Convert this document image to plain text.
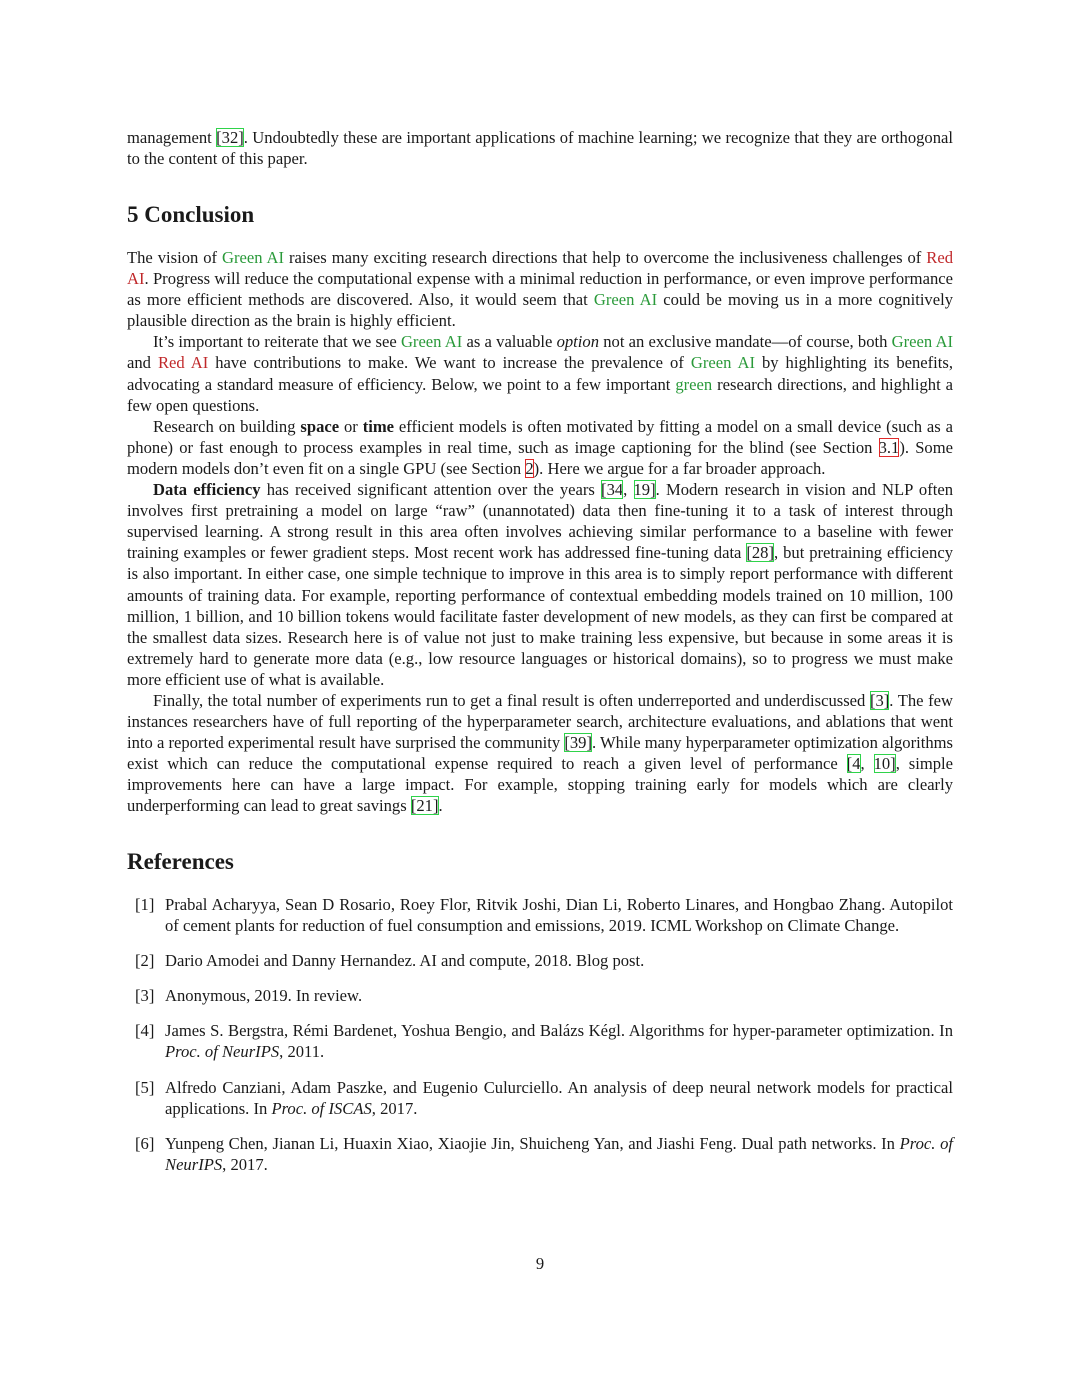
management [32]. Undoubtedly these are important applications of machine learning; we recognize that they are orthogonal to the content of this paper.

5 Conclusion

The vision of Green AI raises many exciting research directions that help to overcome the inclusiveness challenges of Red AI. Progress will reduce the computational expense with a minimal reduction in performance, or even improve performance as more efficient methods are discovered. Also, it would seem that Green AI could be moving us in a more cognitively plausible direction as the brain is highly efficient.

It’s important to reiterate that we see Green AI as a valuable option not an exclusive mandate—of course, both Green AI and Red AI have contributions to make. We want to increase the prevalence of Green AI by highlighting its benefits, advocating a standard measure of efficiency. Below, we point to a few important green research directions, and highlight a few open questions.

Research on building space or time efficient models is often motivated by fitting a model on a small device (such as a phone) or fast enough to process examples in real time, such as image captioning for the blind (see Section 3.1). Some modern models don’t even fit on a single GPU (see Section 2). Here we argue for a far broader approach.

Data efficiency has received significant attention over the years [34, 19]. Modern research in vision and NLP often involves first pretraining a model on large “raw” (unannotated) data then fine-tuning it to a task of interest through supervised learning. A strong result in this area often involves achieving similar performance to a baseline with fewer training examples or fewer gradient steps. Most recent work has addressed fine-tuning data [28], but pretraining efficiency is also important. In either case, one simple technique to improve in this area is to simply report performance with different amounts of training data. For example, reporting performance of contextual embedding models trained on 10 million, 100 million, 1 billion, and 10 billion tokens would facilitate faster development of new models, as they can first be compared at the smallest data sizes. Research here is of value not just to make training less expensive, but because in some areas it is extremely hard to generate more data (e.g., low resource languages or historical domains), so to progress we must make more efficient use of what is available.

Finally, the total number of experiments run to get a final result is often underreported and underdiscussed [3]. The few instances researchers have of full reporting of the hyperparameter search, architecture evaluations, and ablations that went into a reported experimental result have surprised the community [39]. While many hyperparameter optimization algorithms exist which can reduce the computational expense required to reach a given level of performance [4, 10], simple improvements here can have a large impact. For example, stopping training early for models which are clearly underperforming can lead to great savings [21].

References
[1] Prabal Acharyya, Sean D Rosario, Roey Flor, Ritvik Joshi, Dian Li, Roberto Linares, and Hongbao Zhang. Autopilot of cement plants for reduction of fuel consumption and emissions, 2019. ICML Workshop on Climate Change.
[2] Dario Amodei and Danny Hernandez. AI and compute, 2018. Blog post.
[3] Anonymous, 2019. In review.
[4] James S. Bergstra, Rémi Bardenet, Yoshua Bengio, and Balázs Kégl. Algorithms for hyper-parameter optimization. In Proc. of NeurIPS, 2011.
[5] Alfredo Canziani, Adam Paszke, and Eugenio Culurciello. An analysis of deep neural network models for practical applications. In Proc. of ISCAS, 2017.
[6] Yunpeng Chen, Jianan Li, Huaxin Xiao, Xiaojie Jin, Shuicheng Yan, and Jiashi Feng. Dual path networks. In Proc. of NeurIPS, 2017.
9
